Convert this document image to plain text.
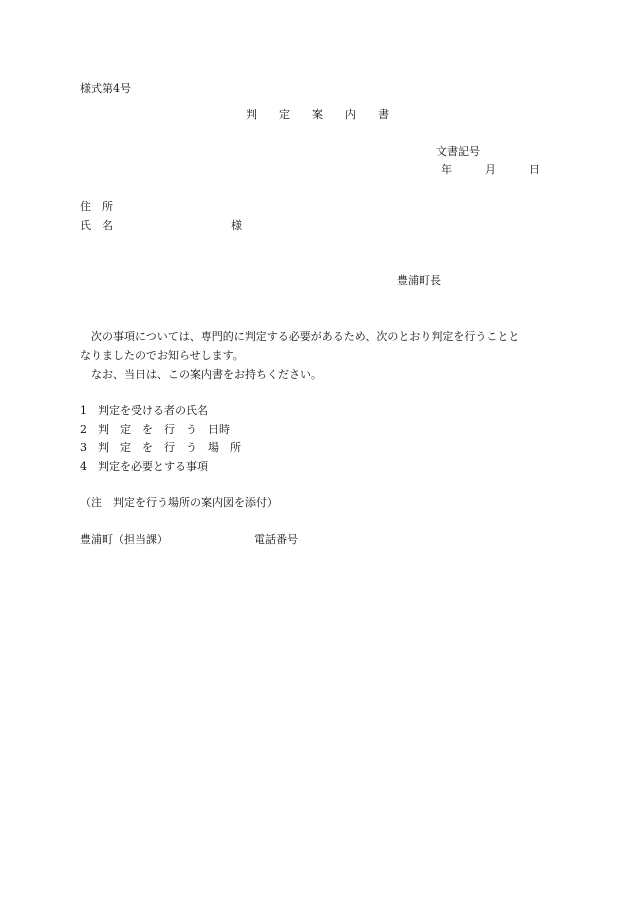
様式第4号
判　　定　　案　　内　　書
文書記号
年　　　月　　　日
住　所
氏　名	様
豊浦町長
　次の事項については、専門的に判定する必要があるため、次のとおり判定を行うことと
なりましたのでお知らせします。
　なお、当日は、この案内書をお持ちください。
1　判定を受ける者の氏名
2　判　定　を　行　う　日時
3　判　定　を　行　う　場　所
4　判定を必要とする事項
（注　判定を行う場所の案内図を添付）
豊浦町（担当課）	電話番号
